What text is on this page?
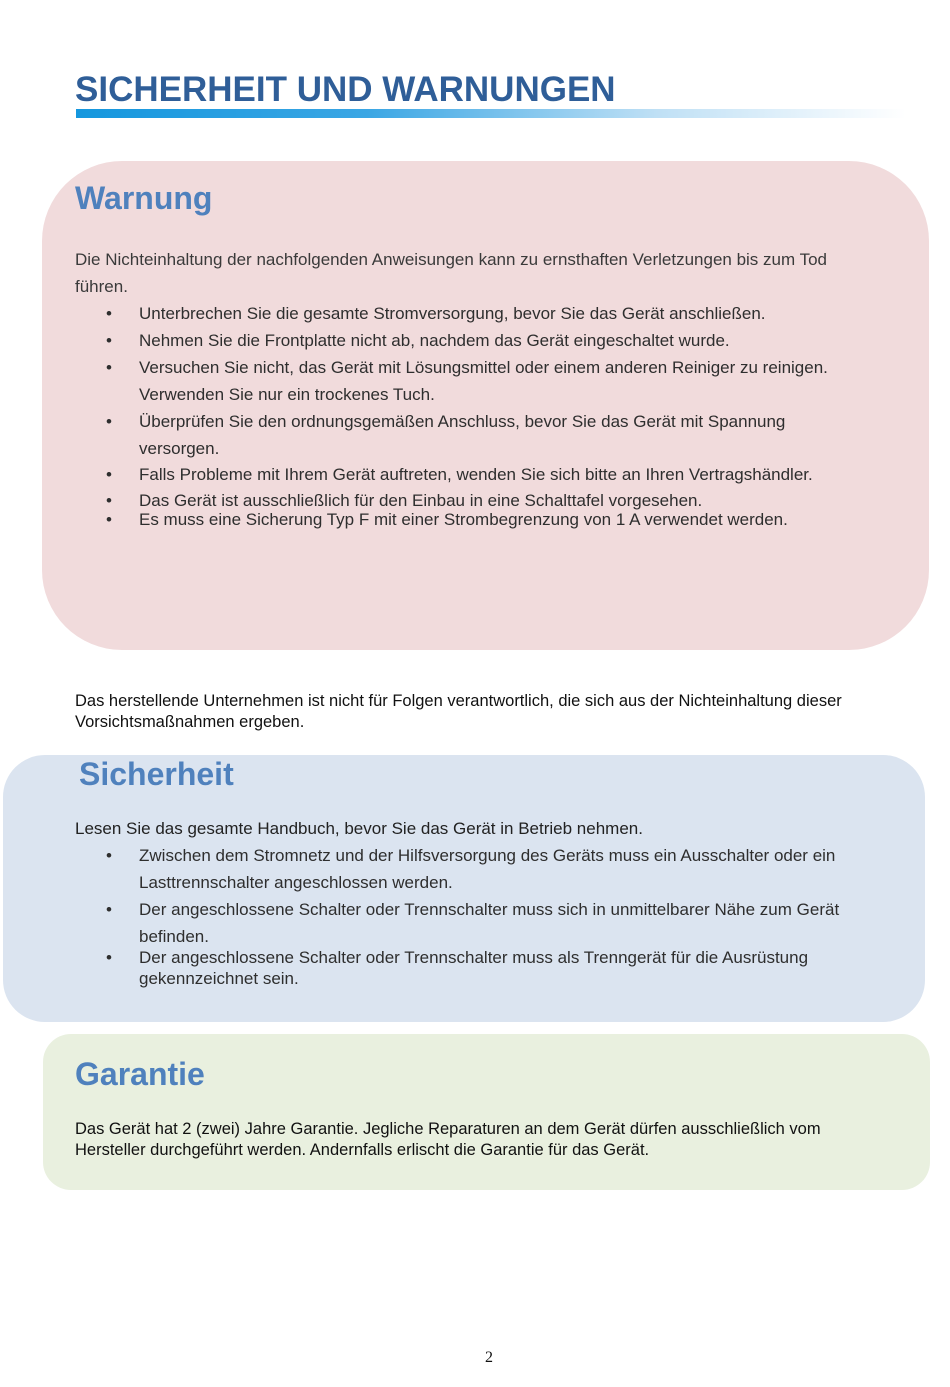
SICHERHEIT UND WARNUNGEN
Warnung
Die Nichteinhaltung der nachfolgenden Anweisungen kann zu ernsthaften Verletzungen bis zum Tod
führen.
• Unterbrechen Sie die gesamte Stromversorgung, bevor Sie das Gerät anschließen.
• Nehmen Sie die Frontplatte nicht ab, nachdem das Gerät eingeschaltet wurde.
• Versuchen Sie nicht, das Gerät mit Lösungsmittel oder einem anderen Reiniger zu reinigen.
Verwenden Sie nur ein trockenes Tuch.
• Überprüfen Sie den ordnungsgemäßen Anschluss, bevor Sie das Gerät mit Spannung
versorgen.
• Falls Probleme mit Ihrem Gerät auftreten, wenden Sie sich bitte an Ihren Vertragshändler.
• Das Gerät ist ausschließlich für den Einbau in eine Schalttafel vorgesehen.
• Es muss eine Sicherung Typ F mit einer Strombegrenzung von 1 A verwendet werden.
Das herstellende Unternehmen ist nicht für Folgen verantwortlich, die sich aus der Nichteinhaltung dieser
Vorsichtsmaßnahmen ergeben.
Sicherheit
Lesen Sie das gesamte Handbuch, bevor Sie das Gerät in Betrieb nehmen.
• Zwischen dem Stromnetz und der Hilfsversorgung des Geräts muss ein Ausschalter oder ein
Lasttrennschalter angeschlossen werden.
• Der angeschlossene Schalter oder Trennschalter muss sich in unmittelbarer Nähe zum Gerät
befinden.
• Der angeschlossene Schalter oder Trennschalter muss als Trenngerät für die Ausrüstung
gekennzeichnet sein.
Garantie
Das Gerät hat 2 (zwei) Jahre Garantie. Jegliche Reparaturen an dem Gerät dürfen ausschließlich vom
Hersteller durchgeführt werden. Andernfalls erlischt die Garantie für das Gerät.
2
